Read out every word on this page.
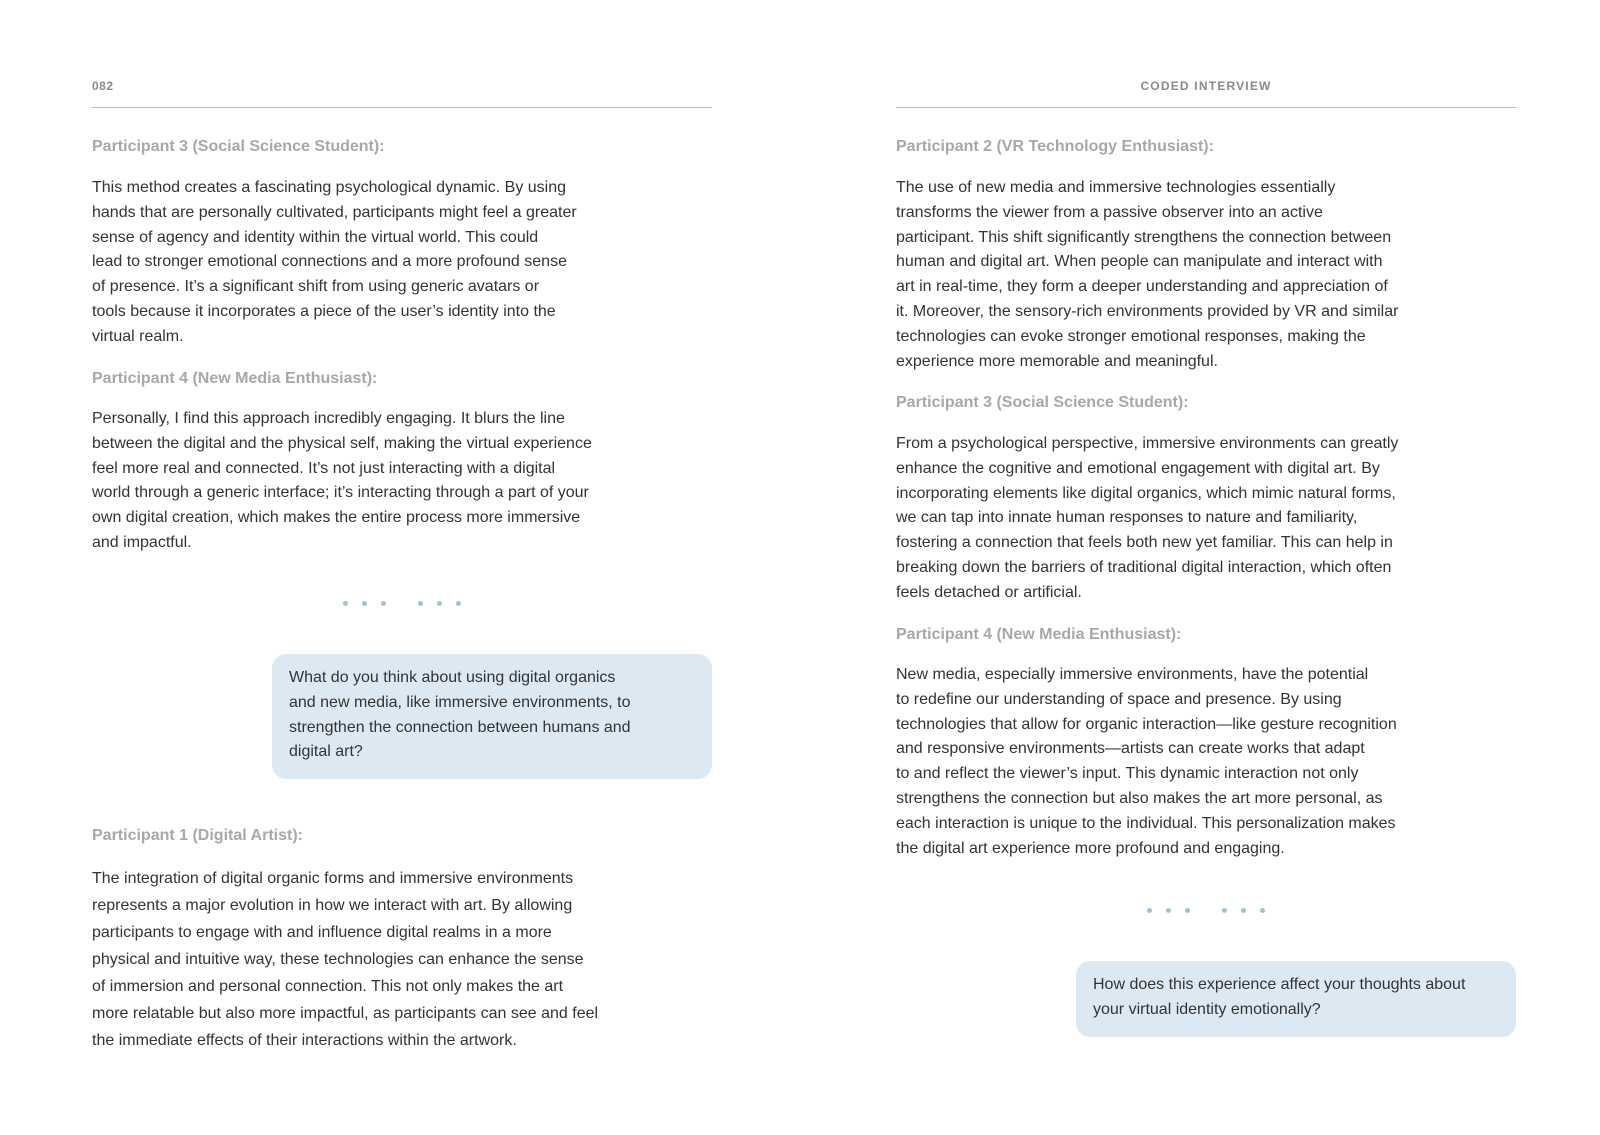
082
Participant 3 (Social Science Student):

This method creates a fascinating psychological dynamic. By using
hands that are personally cultivated, participants might feel a greater
sense of agency and identity within the virtual world. This could
lead to stronger emotional connections and a more profound sense
of presence. It’s a significant shift from using generic avatars or
tools because it incorporates a piece of the user’s identity into the
virtual realm.

Participant 4 (New Media Enthusiast):

Personally, I find this approach incredibly engaging. It blurs the line
between the digital and the physical self, making the virtual experience
feel more real and connected. It’s not just interacting with a digital
world through a generic interface; it’s interacting through a part of your
own digital creation, which makes the entire process more immersive
and impactful.

What do you think about using digital organics
and new media, like immersive environments, to
strengthen the connection between humans and
digital art?
Participant 1 (Digital Artist):

The integration of digital organic forms and immersive environments
represents a major evolution in how we interact with art. By allowing
participants to engage with and influence digital realms in a more
physical and intuitive way, these technologies can enhance the sense
of immersion and personal connection. This not only makes the art
more relatable but also more impactful, as participants can see and feel
the immediate effects of their interactions within the artwork.

CODED INTERVIEW
Participant 2 (VR Technology Enthusiast):

The use of new media and immersive technologies essentially
transforms the viewer from a passive observer into an active
participant. This shift significantly strengthens the connection between
human and digital art. When people can manipulate and interact with
art in real-time, they form a deeper understanding and appreciation of
it. Moreover, the sensory-rich environments provided by VR and similar
technologies can evoke stronger emotional responses, making the
experience more memorable and meaningful.

Participant 3 (Social Science Student):

From a psychological perspective, immersive environments can greatly
enhance the cognitive and emotional engagement with digital art. By
incorporating elements like digital organics, which mimic natural forms,
we can tap into innate human responses to nature and familiarity,
fostering a connection that feels both new yet familiar. This can help in
breaking down the barriers of traditional digital interaction, which often
feels detached or artificial.

Participant 4 (New Media Enthusiast):

New media, especially immersive environments, have the potential
to redefine our understanding of space and presence. By using
technologies that allow for organic interaction—like gesture recognition
and responsive environments—artists can create works that adapt
to and reflect the viewer’s input. This dynamic interaction not only
strengthens the connection but also makes the art more personal, as
each interaction is unique to the individual. This personalization makes
the digital art experience more profound and engaging.

How does this experience affect your thoughts about
your virtual identity emotionally?
